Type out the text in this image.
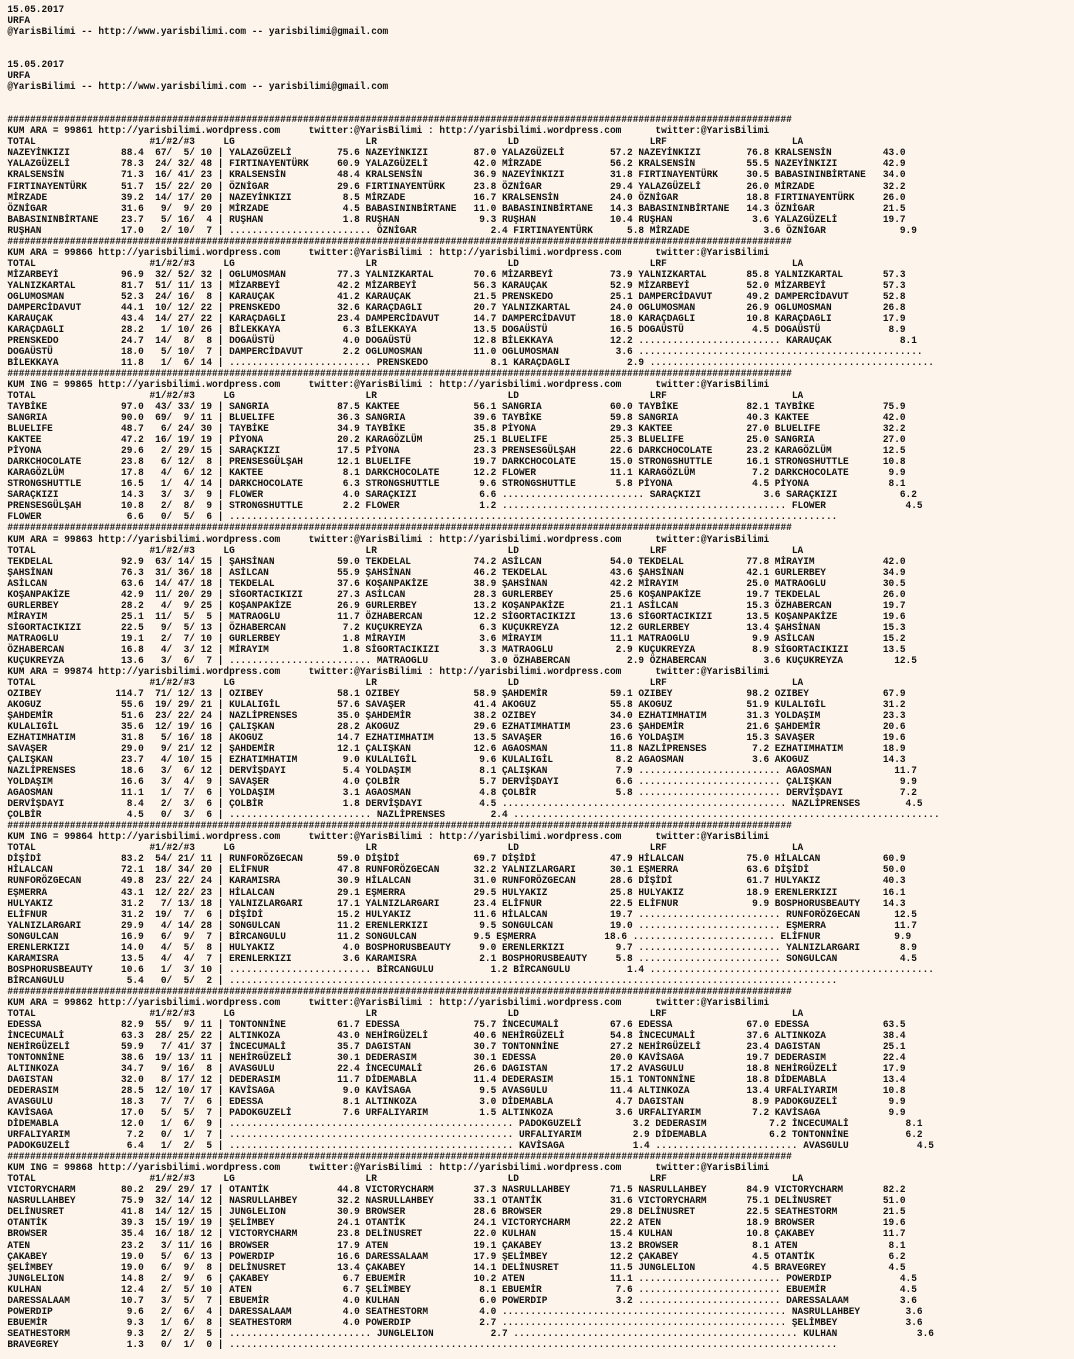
15.05.2017
URFA
@YarisBilimi -- http://www.yarisbilimi.com -- yarisbilimi@gmail.com
15.05.2017
URFA
@YarisBilimi -- http://www.yarisbilimi.com -- yarisbilimi@gmail.com
##########################################################################################################################################
KUM ARA = 99861 http://yarisbilimi.wordpress.com     twitter:@YarisBilimi : http://yarisbilimi.wordpress.com      twitter:@YarisBilimi
TOTAL                    #1/#2/#3     LG                       LR                       LD                       LRF                      LA
NAZEYİNKIZI         88.4  67/  5/ 10 | YALAZGÜZELİ        75.6 NAZEYİNKIZI        87.0 YALAZGÜZELİ        57.2 NAZEYİNKIZI        76.8 KRALSENSİN         43.0
YALAZGÜZELİ         78.3  24/ 32/ 48 | FIRTINAYENTÜRK     60.9 YALAZGÜZELİ        42.0 MİRZADE            56.2 KRALSENSİN         55.5 NAZEYİNKIZI        42.9
KRALSENSİN          71.3  16/ 41/ 23 | KRALSENSİN         48.4 KRALSENSİN         36.9 NAZEYİNKIZI        31.8 FIRTINAYENTÜRK     30.5 BABASININBİRTANE   34.0
FIRTINAYENTÜRK      51.7  15/ 22/ 20 | ÖZNİGAR            29.6 FIRTINAYENTÜRK     23.8 ÖZNİGAR            29.4 YALAZGÜZELİ        26.0 MİRZADE            32.2
MİRZADE             39.2  14/ 17/ 20 | NAZEYİNKIZI         8.5 MİRZADE            16.7 KRALSENSİN         24.0 ÖZNİGAR            18.8 FIRTINAYENTÜRK     26.0
ÖZNİGAR             31.6   9/  9/ 20 | MİRZADE             4.5 BABASININBİRTANE   11.0 BABASININBİRTANE   14.3 BABASININBİRTANE   14.3 ÖZNİGAR            21.5
BABASININBİRTANE    23.7   5/ 16/  4 | RUŞHAN              1.8 RUŞHAN              9.3 RUŞHAN             10.4 RUŞHAN              3.6 YALAZGÜZELİ        19.7
RUŞHAN              17.0   2/ 10/  7 | ......................... ÖZNİGAR             2.4 FIRTINAYENTÜRK      5.8 MİRZADE             3.6 ÖZNİGAR             9.9
##########################################################################################################################################
KUM ARA = 99866 http://yarisbilimi.wordpress.com     twitter:@YarisBilimi : http://yarisbilimi.wordpress.com      twitter:@YarisBilimi
TOTAL                    #1/#2/#3     LG                       LR                       LD                       LRF                      LA
MİZARBEYİ           96.9  32/ 52/ 32 | OGLUMOSMAN         77.3 YALNIZKARTAL       70.6 MİZARBEYİ          73.9 YALNIZKARTAL       85.8 YALNIZKARTAL       57.3
YALNIZKARTAL        81.7  51/ 11/ 13 | MİZARBEYİ          42.2 MİZARBEYİ          56.3 KARAUÇAK           52.9 MİZARBEYİ          52.0 MİZARBEYİ          57.3
OGLUMOSMAN          52.3  24/ 16/  8 | KARAUÇAK           41.2 KARAUÇAK           21.5 PRENSKEDO          25.1 DAMPERCİDAVUT      49.2 DAMPERCİDAVUT      52.8
DAMPERCİDAVUT       44.1  10/ 12/ 22 | PRENSKEDO          32.6 KARAÇDAGLI         20.7 YALNIZKARTAL       24.0 OGLUMOSMAN         26.9 OGLUMOSMAN         26.8
KARAUÇAK            43.4  14/ 27/ 22 | KARAÇDAGLI         23.4 DAMPERCİDAVUT      14.7 DAMPERCİDAVUT      18.0 KARAÇDAGLI         10.8 KARAÇDAGLI         17.9
KARAÇDAGLI          28.2   1/ 10/ 26 | BİLEKKAYA           6.3 BİLEKKAYA          13.5 DOGAÜSTÜ           16.5 DOGAÜSTÜ            4.5 DOGAÜSTÜ            8.9
PRENSKEDO           24.7  14/  8/  8 | DOGAÜSTÜ            4.0 DOGAÜSTÜ           12.8 BİLEKKAYA          12.2 ......................... KARAUÇAK            8.1
DOGAÜSTÜ            18.0   5/ 10/  7 | DAMPERCİDAVUT       2.2 OGLUMOSMAN         11.0 OGLUMOSMAN          3.6 ..................................................
BİLEKKAYA           11.8   1/  6/ 14 | ......................... PRENSKEDO           8.1 KARAÇDAGLI          2.9 ..................................................
##########################################################################################################################################
KUM ING = 99865 http://yarisbilimi.wordpress.com     twitter:@YarisBilimi : http://yarisbilimi.wordpress.com      twitter:@YarisBilimi
TOTAL                    #1/#2/#3     LG                       LR                       LD                       LRF                      LA
TAYBİKE             97.0  43/ 33/ 19 | SANGRIA            87.5 KAKTEE             56.1 SANGRIA            60.0 TAYBİKE            82.1 TAYBİKE            75.9
SANGRIA             90.0  69/  9/ 11 | BLUELIFE           36.3 SANGRIA            39.6 TAYBİKE            59.8 SANGRIA            40.3 KAKTEE             42.0
BLUELIFE            48.7   6/ 24/ 30 | TAYBİKE            34.9 TAYBİKE            35.8 PİYONA             29.3 KAKTEE             27.0 BLUELIFE           32.2
KAKTEE              47.2  16/ 19/ 19 | PİYONA             20.2 KARAGÖZLÜM         25.1 BLUELIFE           25.3 BLUELIFE           25.0 SANGRIA            27.0
PİYONA              29.6   2/ 29/ 15 | SARAÇKIZI          17.5 PİYONA             23.3 PRENSESGÜLŞAH      22.6 DARKCHOCOLATE      23.2 KARAGÖZLÜM         12.5
DARKCHOCOLATE       23.8   6/ 12/  8 | PRENSESGÜLŞAH      12.1 BLUELIFE           19.7 DARKCHOCOLATE      15.0 STRONGSHUTTLE      16.1 STRONGSHUTTLE      10.8
KARAGÖZLÜM          17.8   4/  6/ 12 | KAKTEE              8.1 DARKCHOCOLATE      12.2 FLOWER             11.1 KARAGÖZLÜM          7.2 DARKCHOCOLATE       9.9
STRONGSHUTTLE       16.5   1/  4/ 14 | DARKCHOCOLATE       6.3 STRONGSHUTTLE       9.6 STRONGSHUTTLE       5.8 PİYONA              4.5 PİYONA              8.1
SARAÇKIZI           14.3   3/  3/  9 | FLOWER              4.0 SARAÇKIZI           6.6 ......................... SARAÇKIZI           3.6 SARAÇKIZI           6.2
PRENSESGÜLŞAH       10.8   2/  8/  9 | STRONGSHUTTLE       2.2 FLOWER              1.2 .................................................. FLOWER              4.5
FLOWER               6.6   0/  5/  6 | ...........................................................................................................
##########################################################################################################################################
KUM ARA = 99863 http://yarisbilimi.wordpress.com     twitter:@YarisBilimi : http://yarisbilimi.wordpress.com      twitter:@YarisBilimi
TOTAL                    #1/#2/#3     LG                       LR                       LD                       LRF                      LA
TEKDELAL            92.9  63/ 14/ 15 | ŞAHSİNAN           59.0 TEKDELAL           74.2 ASİLCAN            54.0 TEKDELAL           77.8 MİRAYIM            42.0
ŞAHSİNAN            76.3  31/ 36/ 18 | ASİLCAN            55.9 ŞAHSİNAN           46.2 TEKDELAL           43.6 ŞAHSİNAN           42.1 GURLERBEY          34.9
ASİLCAN             63.6  14/ 47/ 18 | TEKDELAL           37.6 KOŞANPAKİZE        38.9 ŞAHSİNAN           42.2 MİRAYIM            25.0 MATRAOGLU          30.5
KOŞANPAKİZE         42.9  11/ 20/ 29 | SİGORTACIKIZI      27.3 ASİLCAN            28.3 GURLERBEY          25.6 KOŞANPAKİZE        19.7 TEKDELAL           26.0
GURLERBEY           28.2   4/  9/ 25 | KOŞANPAKİZE        26.9 GURLERBEY          13.2 KOŞANPAKİZE        21.1 ASİLCAN            15.3 ÖZHABERCAN         19.7
MİRAYIM             25.1  11/  5/  5 | MATRAOGLU          11.7 ÖZHABERCAN         12.2 SİGORTACIKIZI      13.6 SİGORTACIKIZI      13.5 KOŞANPAKİZE        19.6
SİGORTACIKIZI       22.5   9/  5/ 13 | ÖZHABERCAN          7.2 KUÇUKREYZA          6.3 KUÇUKREYZA         12.2 GURLERBEY          13.4 ŞAHSİNAN           15.3
MATRAOGLU           19.1   2/  7/ 10 | GURLERBEY           1.8 MİRAYIM             3.6 MİRAYIM            11.1 MATRAOGLU           9.9 ASİLCAN            15.2
ÖZHABERCAN          16.8   4/  3/ 12 | MİRAYIM             1.8 SİGORTACIKIZI       3.3 MATRAOGLU           2.9 KUÇUKREYZA          8.9 SİGORTACIKIZI      13.5
KUÇUKREYZA          13.6   3/  6/  7 | ......................... MATRAOGLU           3.0 ÖZHABERCAN          2.9 ÖZHABERCAN          3.6 KUÇUKREYZA         12.5
KUM ARA = 99874 http://yarisbilimi.wordpress.com     twitter:@YarisBilimi : http://yarisbilimi.wordpress.com      twitter:@YarisBilimi
TOTAL                    #1/#2/#3     LG                       LR                       LD                       LRF                      LA
OZIBEY             114.7  71/ 12/ 13 | OZIBEY             58.1 OZIBEY             58.9 ŞAHDEMİR           59.1 OZIBEY             98.2 OZIBEY             67.9
AKOGUZ              55.6  19/ 29/ 21 | KULALIGİL          57.6 SAVAŞER            41.4 AKOGUZ             55.8 AKOGUZ             51.9 KULALIGİL          31.2
ŞAHDEMİR            51.6  23/ 22/ 24 | NAZLİPRENSES       35.0 ŞAHDEMİR           38.2 OZIBEY             34.0 EZHATIMHATIM       31.3 YOLDAŞIM           23.3
KULALIGİL           35.6  12/ 19/ 16 | ÇALIŞKAN           28.2 AKOGUZ             29.6 EZHATIMHATIM       23.6 ŞAHDEMİR           21.6 ŞAHDEMİR           20.6
EZHATIMHATIM        31.8   5/ 16/ 18 | AKOGUZ             14.7 EZHATIMHATIM       13.5 SAVAŞER            16.6 YOLDAŞIM           15.3 SAVAŞER            19.6
SAVAŞER             29.0   9/ 21/ 12 | ŞAHDEMİR           12.1 ÇALIŞKAN           12.6 AGAOSMAN           11.8 NAZLİPRENSES        7.2 EZHATIMHATIM       18.9
ÇALIŞKAN            23.7   4/ 10/ 15 | EZHATIMHATIM        9.0 KULALIGİL           9.6 KULALIGİL           8.2 AGAOSMAN            3.6 AKOGUZ             14.3
NAZLİPRENSES        18.6   3/  6/ 12 | DERVİŞDAYI          5.4 YOLDAŞIM            8.1 ÇALIŞKAN            7.9 ......................... AGAOSMAN           11.7
YOLDAŞIM            16.6   3/  4/  9 | SAVAŞER             4.0 ÇOLBİR              5.7 DERVİŞDAYI          6.6 ......................... ÇALIŞKAN            9.9
AGAOSMAN            11.1   1/  7/  6 | YOLDAŞIM            3.1 AGAOSMAN            4.8 ÇOLBİR              5.8 ......................... DERVİŞDAYI          7.2
DERVİŞDAYI           8.4   2/  3/  6 | ÇOLBİR              1.8 DERVİŞDAYI          4.5 .................................................. NAZLİPRENSES        4.5
ÇOLBİR               4.5   0/  3/  6 | ......................... NAZLİPRENSES        2.4 ...........................................................................
##########################################################################################################################################
KUM ING = 99864 http://yarisbilimi.wordpress.com     twitter:@YarisBilimi : http://yarisbilimi.wordpress.com      twitter:@YarisBilimi
TOTAL                    #1/#2/#3     LG                       LR                       LD                       LRF                      LA
DİŞİDİ              83.2  54/ 21/ 11 | RUNFORÖZGECAN      59.0 DİŞİDİ             69.7 DİŞİDİ             47.9 HİLALCAN           75.0 HİLALCAN           60.9
HİLALCAN            72.1  18/ 34/ 20 | ELİFNUR            47.8 RUNFORÖZGECAN      32.2 YALNIZLARGARI      30.1 EŞMERRA            63.6 DİŞİDİ             50.0
RUNFORÖZGECAN       49.8  23/ 22/ 24 | KARAMISRA          30.9 HİLALCAN           31.0 RUNFORÖZGECAN      28.6 DİŞİDİ             61.7 HULYAKIZ           40.3
EŞMERRA             43.1  12/ 22/ 23 | HİLALCAN           29.1 EŞMERRA            29.5 HULYAKIZ           25.8 HULYAKIZ           18.9 ERENLERKIZI        16.1
HULYAKIZ            31.2   7/ 13/ 18 | YALNIZLARGARI      17.1 YALNIZLARGARI      23.4 ELİFNUR            22.5 ELİFNUR             9.9 BOSPHORUSBEAUTY    14.3
ELİFNUR             31.2  19/  7/  6 | DİŞİDİ             15.2 HULYAKIZ           11.6 HİLALCAN           19.7 ......................... RUNFORÖZGECAN      12.5
YALNIZLARGARI       29.9   4/ 14/ 28 | SONGULCAN          11.2 ERENLERKIZI         9.5 SONGULCAN          19.0 ......................... EŞMERRA            11.7
SONGULCAN           16.9   6/  9/  7 | BİRCANGULU         11.2 SONGULCAN          9.5 EŞMERRA            18.6 ......................... ELİFNUR             9.9
ERENLERKIZI         14.0   4/  5/  8 | HULYAKIZ            4.0 BOSPHORUSBEAUTY     9.0 ERENLERKIZI         9.7 ......................... YALNIZLARGARI       8.9
KARAMISRA           13.5   4/  4/  7 | ERENLERKIZI         3.6 KARAMISRA           2.1 BOSPHORUSBEAUTY     5.8 ......................... SONGULCAN           4.5
BOSPHORUSBEAUTY     10.6   1/  3/ 10 | ......................... BİRCANGULU          1.2 BİRCANGULU          1.4 ..................................................
BİRCANGULU           5.4   0/  5/  2 | ...........................................................................................................
##########################################################################################################################################
KUM ARA = 99862 http://yarisbilimi.wordpress.com     twitter:@YarisBilimi : http://yarisbilimi.wordpress.com      twitter:@YarisBilimi
TOTAL                    #1/#2/#3     LG                       LR                       LD                       LRF                      LA
EDESSA              82.9  55/  9/ 11 | TONTONNİNE         61.7 EDESSA             75.7 İNCECUMALİ         67.6 EDESSA             67.0 EDESSA             63.5
İNCECUMALİ          63.3  28/ 25/ 22 | ALTINKOZA          43.0 NEHİRGÜZELİ        40.6 NEHİRGÜZELİ        54.8 İNCECUMALİ         37.6 ALTINKOZA          38.4
NEHİRGÜZELİ         59.9   7/ 41/ 37 | İNCECUMALİ         35.7 DAGISTAN           30.7 TONTONNİNE         27.2 NEHİRGÜZELİ        23.4 DAGISTAN           25.1
TONTONNİNE          38.6  19/ 13/ 11 | NEHİRGÜZELİ        30.1 DEDERASIM          30.1 EDESSA             20.0 KAVİSAGA           19.7 DEDERASIM          22.4
ALTINKOZA           34.7   9/ 16/  8 | AVASGULU           22.4 İNCECUMALİ         26.6 DAGISTAN           17.2 AVASGULU           18.8 NEHİRGÜZELİ        17.9
DAGISTAN            32.0   8/ 17/ 12 | DEDERASIM          11.7 DİDEMABLA          11.4 DEDERASIM          15.1 TONTONNİNE         18.8 DİDEMABLA          13.4
DEDERASIM           28.5  12/ 10/ 17 | KAVİSAGA            9.0 KAVİSAGA            9.5 AVASGULU           11.4 ALTINKOZA          13.4 URFALIYARIM        10.8
AVASGULU            18.3   7/  7/  6 | EDESSA              8.1 ALTINKOZA           3.0 DİDEMABLA           4.7 DAGISTAN            8.9 PADOKGUZELİ         9.9
KAVİSAGA            17.0   5/  5/  7 | PADOKGUZELİ         7.6 URFALIYARIM         1.5 ALTINKOZA           3.6 URFALIYARIM         7.2 KAVİSAGA            9.9
DİDEMABLA           12.0   1/  6/  9 | .................................................. PADOKGUZELİ         3.2 DEDERASIM           7.2 İNCECUMALİ          8.1
URFALIYARIM          7.2   0/  1/  7 | .................................................. URFALIYARIM         2.9 DİDEMABLA           6.2 TONTONNİNE          6.2
PADOKGUZELİ          6.4   1/  2/  5 | .................................................. KAVİSAGA            1.4 ......................... AVASGULU            4.5
##########################################################################################################################################
KUM ING = 99868 http://yarisbilimi.wordpress.com     twitter:@YarisBilimi : http://yarisbilimi.wordpress.com      twitter:@YarisBilimi
TOTAL                    #1/#2/#3     LG                       LR                       LD                       LRF                      LA
VICTORYCHARM        80.2  29/ 29/ 17 | OTANTİK            44.8 VICTORYCHARM       37.3 NASRULLAHBEY       71.5 NASRULLAHBEY       84.9 VICTORYCHARM       82.2
NASRULLAHBEY        75.9  32/ 14/ 12 | NASRULLAHBEY       32.2 NASRULLAHBEY       33.1 OTANTİK            31.6 VICTORYCHARM       75.1 DELİNUSRET         51.0
DELİNUSRET          41.8  14/ 12/ 15 | JUNGLELION         30.9 BROWSER            28.6 BROWSER            29.8 DELİNUSRET         22.5 SEATHESTORM        21.5
OTANTİK             39.3  15/ 19/ 19 | ŞELİMBEY           24.1 OTANTİK            24.1 VICTORYCHARM       22.2 ATEN               18.9 BROWSER            19.6
BROWSER             35.4  16/ 18/ 12 | VICTORYCHARM       23.8 DELİNUSRET         22.0 KULHAN             15.4 KULHAN             10.8 ÇAKABEY            11.7
ATEN                23.2   3/ 11/ 16 | BROWSER            17.9 ATEN               19.1 ÇAKABEY            13.2 BROWSER             8.1 ATEN                8.1
ÇAKABEY             19.0   5/  6/ 13 | POWERDIP           16.6 DARESSALAAM        17.9 ŞELİMBEY           12.2 ÇAKABEY             4.5 OTANTİK             6.2
ŞELİMBEY            19.0   6/  9/  8 | DELİNUSRET         13.4 ÇAKABEY            14.1 DELİNUSRET         11.5 JUNGLELION          4.5 BRAVEGREY           4.5
JUNGLELION          14.8   2/  9/  6 | ÇAKABEY             6.7 EBUEMİR            10.2 ATEN               11.1 ......................... POWERDIP            4.5
KULHAN              12.4   2/  5/ 10 | ATEN                6.7 ŞELİMBEY            8.1 EBUEMİR             7.6 ......................... EBUEMİR             4.5
DARESSALAAM         10.7   3/  5/  7 | EBUEMİR             4.0 KULHAN              6.0 POWERDIP            3.2 ......................... DARESSALAAM         3.6
POWERDIP             9.6   2/  6/  4 | DARESSALAAM         4.0 SEATHESTORM         4.0 .................................................. NASRULLAHBEY        3.6
EBUEMİR              9.3   1/  6/  8 | SEATHESTORM         4.0 POWERDIP            2.7 .................................................. ŞELİMBEY            3.6
SEATHESTORM          9.3   2/  2/  5 | ......................... JUNGLELION          2.7 .................................................. KULHAN              3.6
BRAVEGREY            1.3   0/  1/  0 | ...........................................................................................................
